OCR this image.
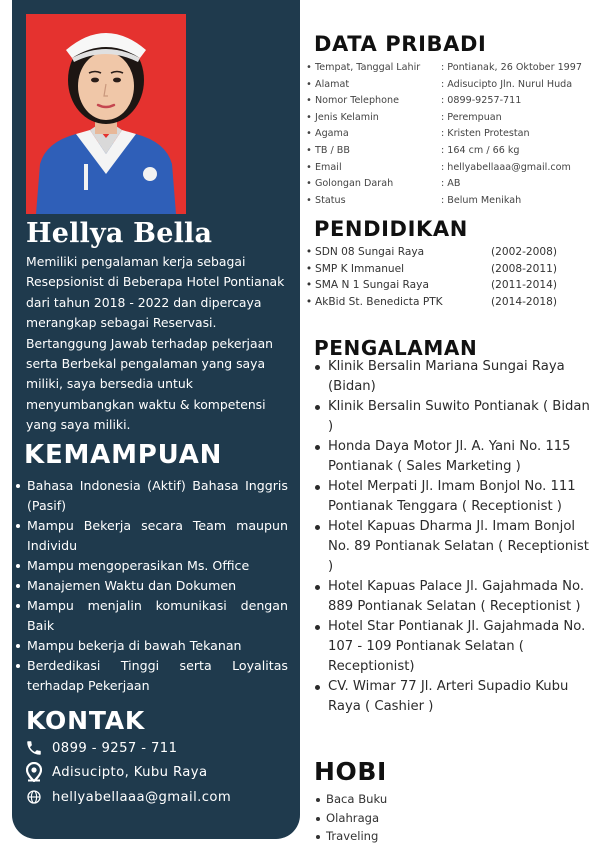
Hellya Bella
Memiliki pengalaman kerja sebagai Resepsionist di Beberapa Hotel Pontianak dari tahun 2018 - 2022 dan dipercaya merangkap sebagai Reservasi. Bertanggung Jawab terhadap pekerjaan serta Berbekal pengalaman yang saya miliki, saya bersedia untuk menyumbangkan waktu & kompetensi yang saya miliki.
KEMAMPUAN
Bahasa Indonesia (Aktif) Bahasa Inggris (Pasif)
Mampu Bekerja secara Team maupun Individu
Mampu mengoperasikan Ms. Office
Manajemen Waktu dan Dokumen
Mampu menjalin komunikasi dengan Baik
Mampu bekerja di bawah Tekanan
Berdedikasi Tinggi serta Loyalitas terhadap Pekerjaan
KONTAK
0899 - 9257 - 711
Adisucipto, Kubu Raya
hellyabellaaa@gmail.com
DATA PRIBADI
• Tempat, Tanggal Lahir	: Pontianak, 26 Oktober 1997
• Alamat	: Adisucipto Jln. Nurul Huda
• Nomor Telephone	: 0899-9257-711
• Jenis Kelamin	: Perempuan
• Agama	: Kristen Protestan
• TB / BB	: 164 cm / 66 kg
• Email	: hellyabellaaa@gmail.com
• Golongan Darah	: AB
• Status	: Belum Menikah
PENDIDIKAN
• SDN 08 Sungai Raya	(2002-2008)
• SMP K Immanuel	(2008-2011)
• SMA N 1 Sungai Raya	(2011-2014)
• AkBid St. Benedicta PTK	(2014-2018)
PENGALAMAN
Klinik Bersalin Mariana Sungai Raya (Bidan)
Klinik Bersalin Suwito Pontianak ( Bidan )
Honda Daya Motor Jl. A. Yani No. 115 Pontianak ( Sales Marketing )
Hotel Merpati Jl. Imam Bonjol No. 111 Pontianak Tenggara ( Receptionist )
Hotel Kapuas Dharma Jl. Imam Bonjol No. 89 Pontianak Selatan ( Receptionist )
Hotel Kapuas Palace Jl. Gajahmada No. 889 Pontianak Selatan ( Receptionist )
Hotel Star Pontianak Jl. Gajahmada No. 107 - 109 Pontianak Selatan ( Receptionist)
CV. Wimar 77 Jl. Arteri Supadio Kubu Raya ( Cashier )
HOBI
Baca Buku
Olahraga
Traveling
